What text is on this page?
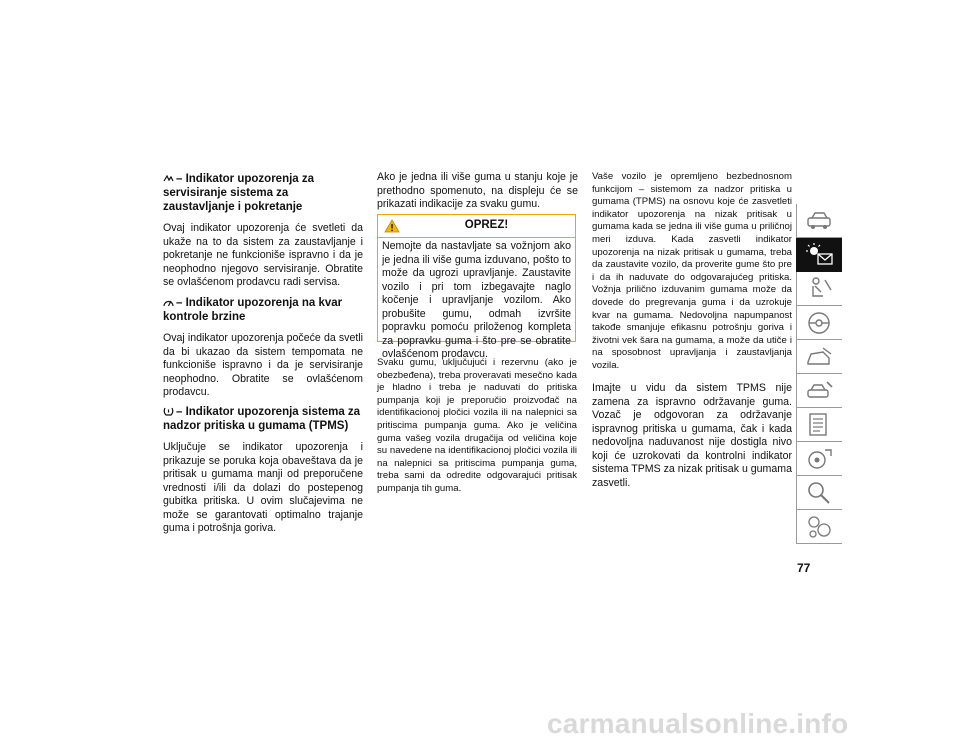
– Indikator upozorenja za servisiranje sistema za zaustavljanje i pokretanje

Ovaj indikator upozorenja će svetleti da ukaže na to da sistem za zaustavljanje i pokretanje ne funkcioniše ispravno i da je neophodno njegovo servisiranje. Obratite se ovlašćenom prodavcu radi servisa.

– Indikator upozorenja na kvar kontrole brzine

Ovaj indikator upozorenja počeće da svetli da bi ukazao da sistem tempomata ne funkcioniše ispravno i da je servisiranje neophodno. Obratite se ovlašćenom prodavcu.

– Indikator upozorenja sistema za nadzor pritiska u gumama (TPMS)

Uključuje se indikator upozorenja i prikazuje se poruka koja obaveštava da je pritisak u gumama manji od preporučene vrednosti i/ili da dolazi do postepenog gubitka pritiska. U ovim slučajevima ne može se garantovati optimalno trajanje guma i potrošnja goriva.

Ako je jedna ili više guma u stanju koje je prethodno spomenuto, na displeju će se prikazati indikacije za svaku gumu.

Svaku gumu, uključujući i rezervnu (ako je obezbeđena), treba proveravati mesečno kada je hladno i treba je naduvati do pritiska pumpanja koji je preporučio proizvođač na identifikacionoj pločici vozila ili na nalepnici sa pritiscima pumpanja guma. Ako je veličina guma vašeg vozila drugačija od veličina koje su navedene na identifikacionoj pločici vozila ili na nalepnici sa pritiscima pumpanja guma, treba sami da odredite odgovarajući pritisak pumpanja tih guma.

OPREZ!

Nemojte da nastavljate sa vožnjom ako je jedna ili više guma izduvano, pošto to može da ugrozi upravljanje. Zaustavite vozilo i pri tom izbegavajte naglo kočenje i upravljanje vozilom. Ako probušite gumu, odmah izvršite popravku pomoću priloženog kompleta za popravku guma i što pre se obratite ovlašćenom prodavcu.

Vaše vozilo je opremljeno bezbednosnom funkcijom – sistemom za nadzor pritiska u gumama (TPMS) na osnovu koje će zasvetleti indikator upozorenja na nizak pritisak u gumama kada se jedna ili više guma u priličnoj meri izduva. Kada zasvetli indikator upozorenja na nizak pritisak u gumama, treba da zaustavite vozilo, da proverite gume što pre i da ih naduvate do odgovarajućeg pritiska. Vožnja prilično izduvanim gumama može da dovede do pregrevanja guma i da uzrokuje kvar na gumama. Nedovoljna napumpanost takođe smanjuje efikasnu potrošnju goriva i životni vek šara na gumama, a može da utiče i na sposobnost upravljanja i zaustavljanja vozila.

Imajte u vidu da sistem TPMS nije zamena za ispravno održavanje guma. Vozač je odgovoran za održavanje ispravnog pritiska u gumama, čak i kada nedovoljna naduvanost nije dostigla nivo koji će uzrokovati da kontrolni indikator sistema TPMS za nizak pritisak u gumama zasvetli.

77
carmanualsonline.info
